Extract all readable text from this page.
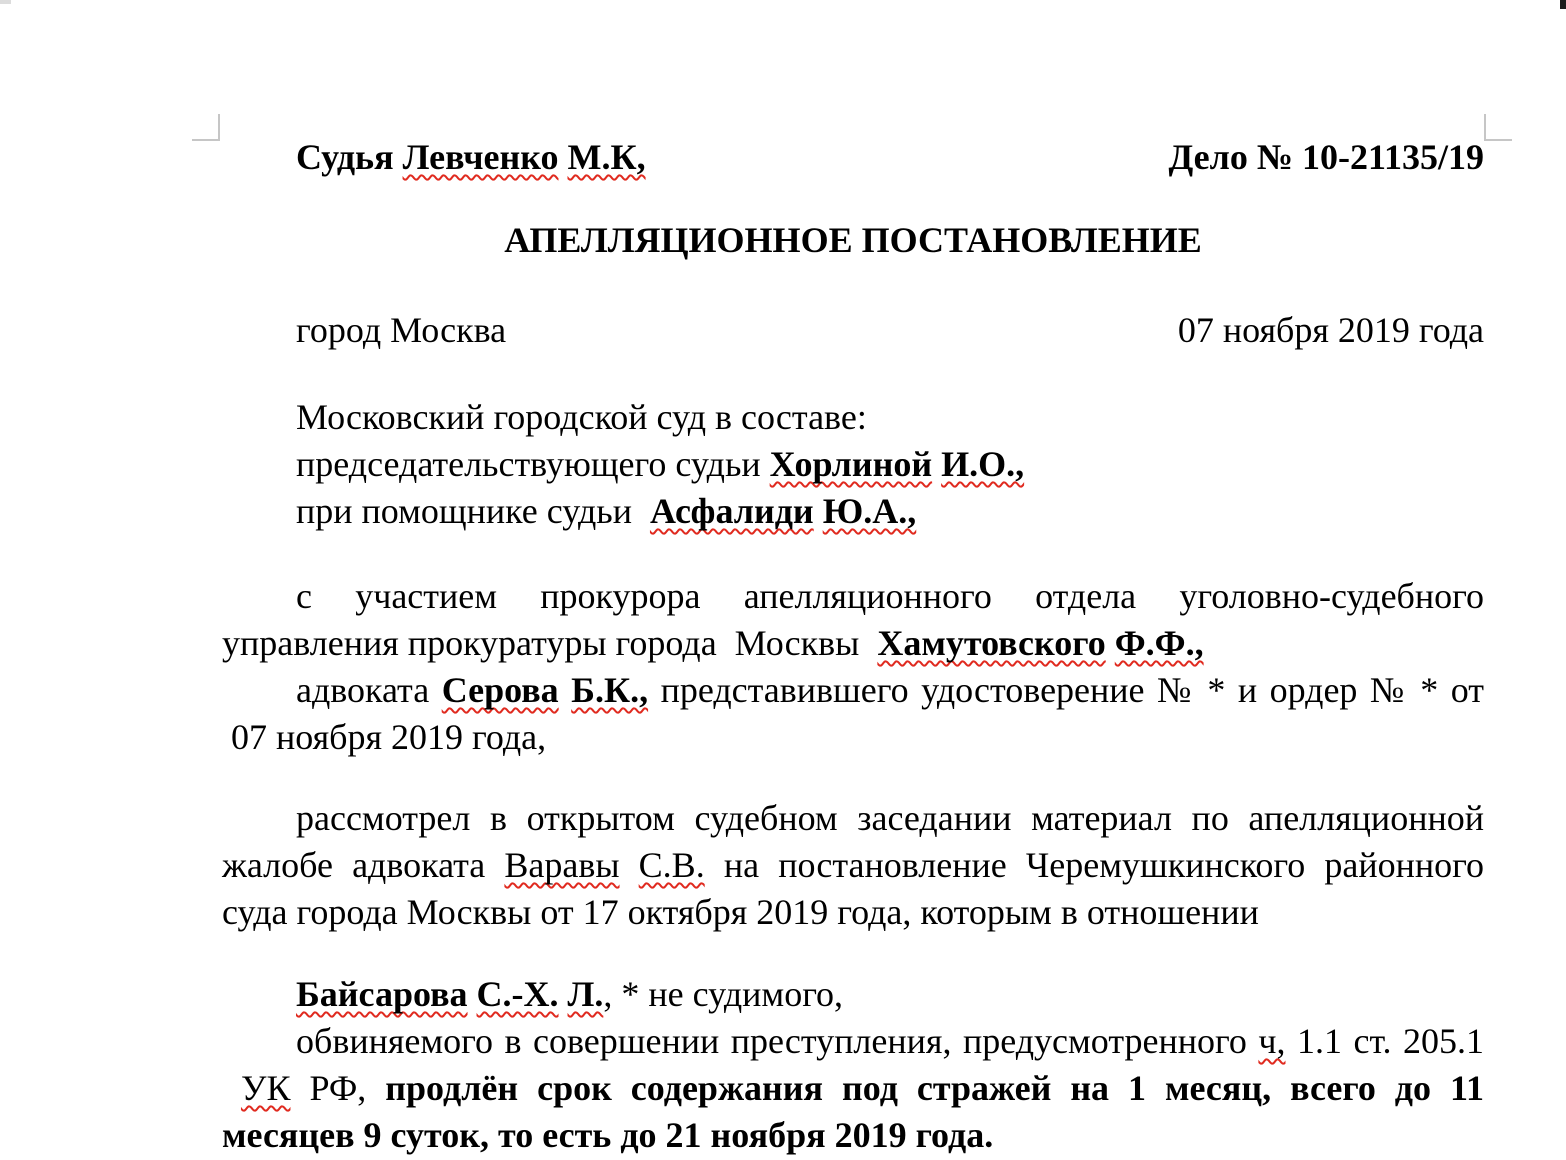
Судья Левченко М.К,	Дело № 10-21135/19
АПЕЛЛЯЦИОННОЕ ПОСТАНОВЛЕНИЕ
город Москва	07 ноября 2019 года
Московский городской суд в составе:
председательствующего судьи Хорлиной И.О.,
при помощнике судьи  Асфалиди Ю.А.,
с участием прокурора апелляционного отдела уголовно-судебного управления прокуратуры города  Москвы  Хамутовского Ф.Ф.,
адвоката Серова Б.К., представившего удостоверение № * и ордер № * от  07 ноября 2019 года,
рассмотрел в открытом судебном заседании материал по апелляционной жалобе адвоката Варавы С.В. на постановление Черемушкинского районного суда города Москвы от 17 октября 2019 года, которым в отношении
Байсарова С.-Х. Л., * не судимого,
обвиняемого в совершении преступления, предусмотренного ч, 1.1 ст. 205.1  УК РФ, продлён срок содержания под стражей на 1 месяц, всего до 11 месяцев 9 суток, то есть до 21 ноября 2019 года.
